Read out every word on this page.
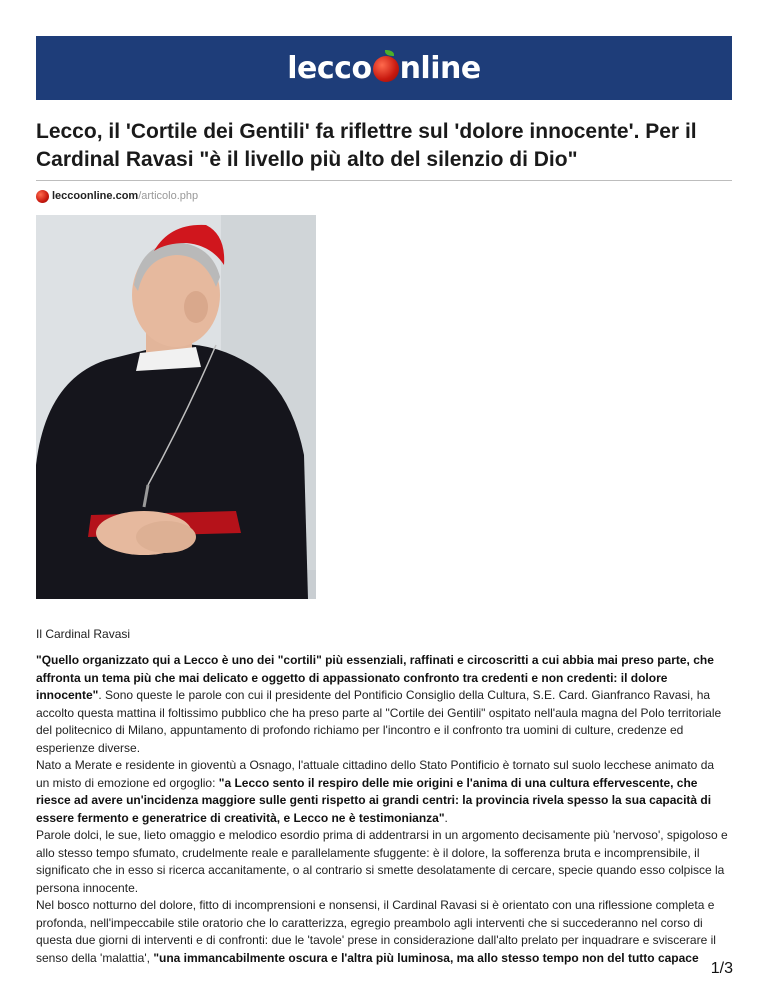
lecco nline
Lecco, il 'Cortile dei Gentili' fa riflettre sul 'dolore innocente'. Per il Cardinal Ravasi "è il livello più alto del silenzio di Dio"
leccoonline.com /articolo.php

Il Cardinal Ravasi

"Quello organizzato qui a Lecco è uno dei "cortili" più essenziali, raffinati e circoscritti a cui abbia mai preso parte, che affronta un tema più che mai delicato e oggetto di appassionato confronto tra credenti e non credenti: il dolore innocente". Sono queste le parole con cui il presidente del Pontificio Consiglio della Cultura, S.E. Card. Gianfranco Ravasi, ha accolto questa mattina il foltissimo pubblico che ha preso parte al "Cortile dei Gentili" ospitato nell'aula magna del Polo territoriale del politecnico di Milano, appuntamento di profondo richiamo per l'incontro e il confronto tra uomini di culture, credenze ed esperienze diverse.

Nato a Merate e residente in gioventù a Osnago, l'attuale cittadino dello Stato Pontificio è tornato sul suolo lecchese animato da un misto di emozione ed orgoglio: "a Lecco sento il respiro delle mie origini e l'anima di una cultura effervescente, che riesce ad avere un'incidenza maggiore sulle genti rispetto ai grandi centri: la provincia rivela spesso la sua capacità di essere fermento e generatrice di creatività, e Lecco ne è testimonianza".

Parole dolci, le sue, lieto omaggio e melodico esordio prima di addentrarsi in un argomento decisamente più 'nervoso', spigoloso e allo stesso tempo sfumato, crudelmente reale e parallelamente sfuggente: è il dolore, la sofferenza bruta e incomprensibile, il significato che in esso si ricerca accanitamente, o al contrario si smette desolatamente di cercare, specie quando esso colpisce la persona innocente.

Nel bosco notturno del dolore, fitto di incomprensioni e nonsensi, il Cardinal Ravasi si è orientato con una riflessione completa e profonda, nell'impeccabile stile oratorio che lo caratterizza, egregio preambolo agli interventi che si succederanno nel corso di questa due giorni di interventi e di confronti: due le 'tavole' prese in considerazione dall'alto prelato per inquadrare e sviscerare il senso della 'malattia', "una immancabilmente oscura e l'altra più luminosa, ma allo stesso tempo non del tutto capace

1/3
